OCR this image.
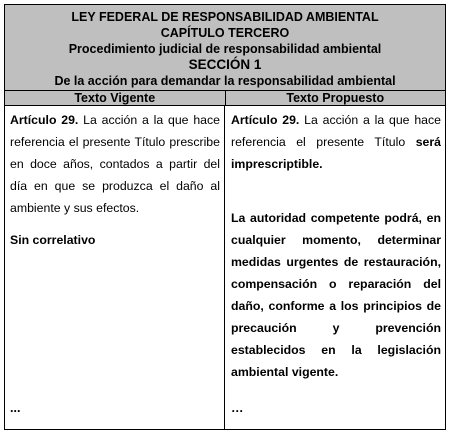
LEY FEDERAL DE RESPONSABILIDAD AMBIENTAL
CAPÍTULO TERCERO
Procedimiento judicial de responsabilidad ambiental
SECCIÓN 1
De la acción para demandar la responsabilidad ambiental
Texto Vigente	Texto Propuesto

Artículo 29. La acción a la que hace referencia el presente Título prescribe en doce años, contados a partir del día en que se produzca el daño al ambiente y sus efectos.

Sin correlativo

...

Artículo 29. La acción a la que hace referencia el presente Título será imprescriptible.

La autoridad competente podrá, en cualquier momento, determinar medidas urgentes de restauración, compensación o reparación del daño, conforme a los principios de precaución y prevención establecidos en la legislación ambiental vigente.

…
